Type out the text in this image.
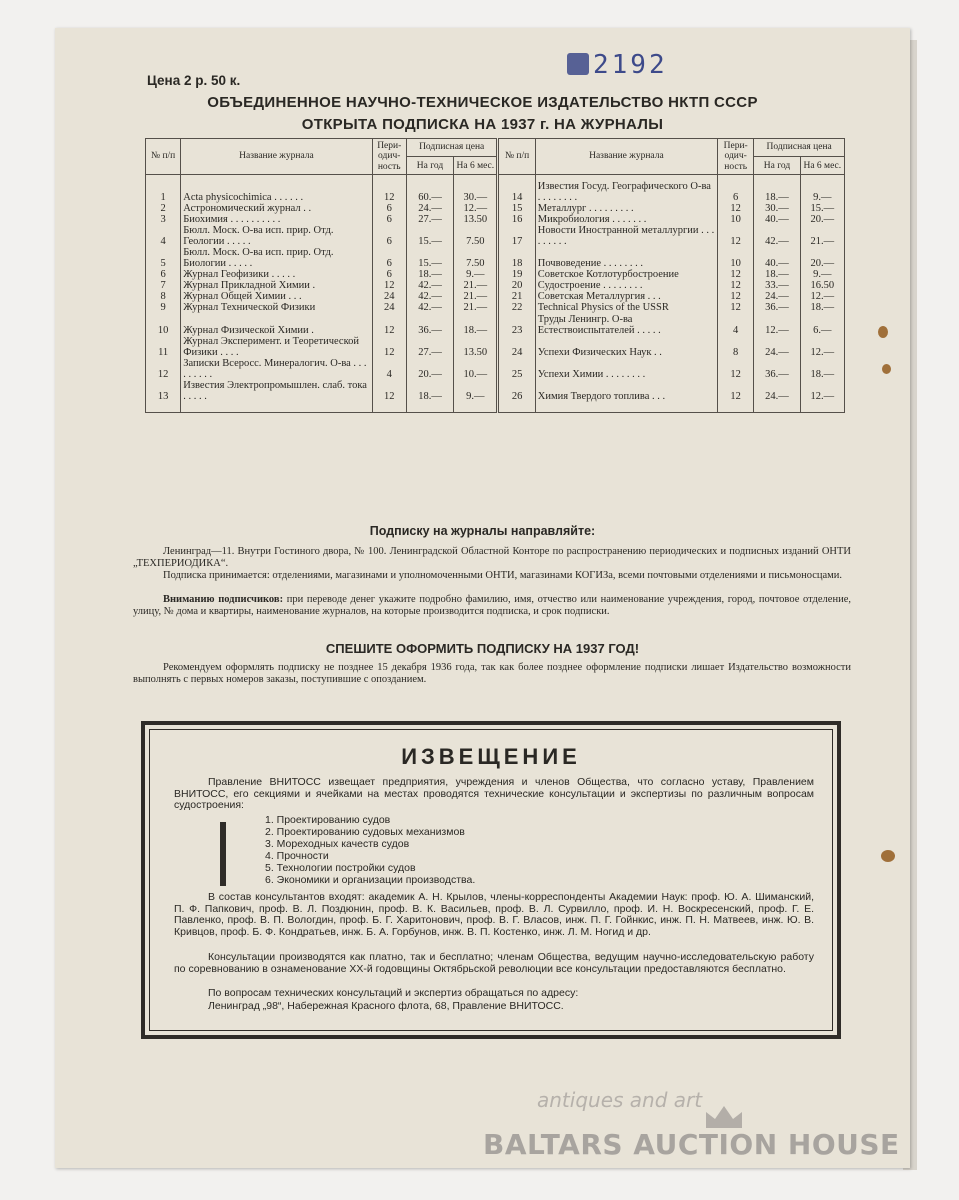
2192
Цена 2 р. 50 к.
ОБЪЕДИНЕННОЕ НАУЧНО-ТЕХНИЧЕСКОЕ ИЗДАТЕЛЬСТВО НКТП СССР
ОТКРЫТА ПОДПИСКА НА 1937 г. НА ЖУРНАЛЫ
№ п/п	Название журнала	Пери-одич-ность	Подписная цена		№ п/п	Название журнала	Пери-одич-ность	Подписная цена	
			На год	На 6 мес.				На год	На 6 мес.

1	Acta physicochimica . . . . . .	12	60.—	30.—	14	Известия Госуд. Географического О-ва . . . . . . . .	6	18.—	9.—
2	Астрономический журнал . .	6	24.—	12.—	15	Металлург . . . . . . . . .	12	30.—	15.—
3	Биохимия . . . . . . . . . .	6	27.—	13.50	16	Микробиология . . . . . . .	10	40.—	20.—
4	Бюлл. Моск. О-ва исп. прир. Отд. Геологии . . . . .	6	15.—	7.50	17	Новости Иностранной металлургии . . . . . . . . .	12	42.—	21.—
5	Бюлл. Моск. О-ва исп. прир. Отд. Биологии . . . . .	6	15.—	7.50	18	Почвоведение . . . . . . . .	10	40.—	20.—
6	Журнал Геофизики . . . . .	6	18.—	9.—	19	Советское Котлотурбостроение	12	18.—	9.—
7	Журнал Прикладной Химии .	12	42.—	21.—	20	Судостроение . . . . . . . .	12	33.—	16.50
8	Журнал Общей Химии . . .	24	42.—	21.—	21	Советская Металлургия . . .	12	24.—	12.—
9	Журнал Технической Физики	24	42.—	21.—	22	Technical Physics of the USSR	12	36.—	18.—
10	Журнал Физической Химии .	12	36.—	18.—	23	Труды Ленингр. О-ва Естествоиспытателей . . . . .	4	12.—	6.—
11	Журнал Эксперимент. и Теоретической Физики . . . .	12	27.—	13.50	24	Успехи Физических Наук . .	8	24.—	12.—
12	Записки Всеросс. Минералогич. О-ва . . . . . . . . .	4	20.—	10.—	25	Успехи Химии . . . . . . . .	12	36.—	18.—
13	Известия Электропромышлен. слаб. тока . . . . .	12	18.—	9.—	26	Химия Твердого топлива . . .	12	24.—	12.—

Подписку на журналы направляйте:
Ленинград—11. Внутри Гостиного двора, № 100. Ленинградской Областной Конторе по распространению периодических и подписных изданий ОНТИ „ТЕХПЕРИОДИКА“.
Подписка принимается: отделениями, магазинами и уполномоченными ОНТИ, магазинами КОГИЗа, всеми почтовыми отделениями и письмоносцами.
Вниманию подписчиков: при переводе денег укажите подробно фамилию, имя, отчество или наименование учреждения, город, почтовое отделение, улицу, № дома и квартиры, наименование журналов, на которые производится подписка, и срок подписки.
СПЕШИТЕ ОФОРМИТЬ ПОДПИСКУ НА 1937 ГОД!
Рекомендуем оформлять подписку не позднее 15 декабря 1936 года, так как более позднее оформление подписки лишает Издательство возможности выполнять с первых номеров заказы, поступившие с опозданием.
ИЗВЕЩЕНИЕ
Правление ВНИТОСС извещает предприятия, учреждения и членов Общества, что согласно уставу, Правлением ВНИТОСС, его секциями и ячейками на местах проводятся технические консультации и экспертизы по различным вопросам судостроения:
1. Проектированию судов
2. Проектированию судовых механизмов
3. Мореходных качеств судов
4. Прочности
5. Технологии постройки судов
6. Экономики и организации производства.
В состав консультантов входят: академик А. Н. Крылов, члены-корреспонденты Академии Наук: проф. Ю. А. Шиманский, П. Ф. Папкович, проф. В. Л. Поздюнин, проф. В. К. Васильев, проф. В. Л. Сурвилло, проф. И. Н. Воскресенский, проф. Г. Е. Павленко, проф. В. П. Вологдин, проф. Б. Г. Харитонович, проф. В. Г. Власов, инж. П. Г. Гойнкис, инж. П. Н. Матвеев, инж. Ю. В. Кривцов, проф. Б. Ф. Кондратьев, инж. Б. А. Горбунов, инж. В. П. Костенко, инж. Л. М. Ногид и др.
Консультации производятся как платно, так и бесплатно; членам Общества, ведущим научно-исследовательскую работу по соревнованию в ознаменование XX-й годовщины Октябрьской революции все консультации предоставляются бесплатно.
По вопросам технических консультаций и экспертиз обращаться по адресу:
Ленинград „98“, Набережная Красного флота, 68, Правление ВНИТОСС.
antiques and art
BALTARS AUCTION HOUSE
